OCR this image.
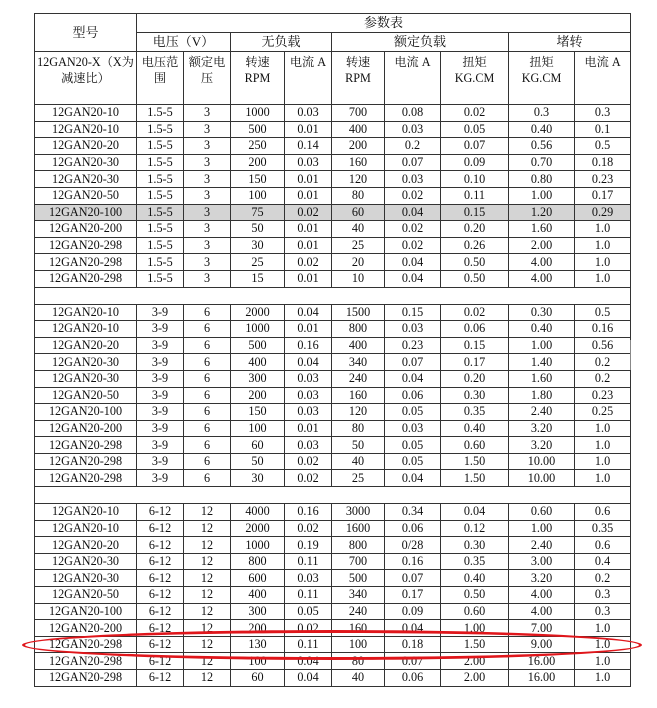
型号	参数表								
	电压（V）		无负载		额定负载			堵转	
12GAN20-X（X为减速比）	电压范围	额定电压	转速 RPM	电流 A	转速 RPM	电流 A	扭矩 KG.CM	扭矩 KG.CM	电流 A
12GAN20-10	1.5-5	3	1000	0.03	700	0.08	0.02	0.3	0.3
12GAN20-10	1.5-5	3	500	0.01	400	0.03	0.05	0.40	0.1
12GAN20-20	1.5-5	3	250	0.14	200	0.2	0.07	0.56	0.5
12GAN20-30	1.5-5	3	200	0.03	160	0.07	0.09	0.70	0.18
12GAN20-30	1.5-5	3	150	0.01	120	0.03	0.10	0.80	0.23
12GAN20-50	1.5-5	3	100	0.01	80	0.02	0.11	1.00	0.17
12GAN20-100	1.5-5	3	75	0.02	60	0.04	0.15	1.20	0.29
12GAN20-200	1.5-5	3	50	0.01	40	0.02	0.20	1.60	1.0
12GAN20-298	1.5-5	3	30	0.01	25	0.02	0.26	2.00	1.0
12GAN20-298	1.5-5	3	25	0.02	20	0.04	0.50	4.00	1.0
12GAN20-298	1.5-5	3	15	0.01	10	0.04	0.50	4.00	1.0

12GAN20-10	3-9	6	2000	0.04	1500	0.15	0.02	0.30	0.5
12GAN20-10	3-9	6	1000	0.01	800	0.03	0.06	0.40	0.16
12GAN20-20	3-9	6	500	0.16	400	0.23	0.15	1.00	0.56
12GAN20-30	3-9	6	400	0.04	340	0.07	0.17	1.40	0.2
12GAN20-30	3-9	6	300	0.03	240	0.04	0.20	1.60	0.2
12GAN20-50	3-9	6	200	0.03	160	0.06	0.30	1.80	0.23
12GAN20-100	3-9	6	150	0.03	120	0.05	0.35	2.40	0.25
12GAN20-200	3-9	6	100	0.01	80	0.03	0.40	3.20	1.0
12GAN20-298	3-9	6	60	0.03	50	0.05	0.60	3.20	1.0
12GAN20-298	3-9	6	50	0.02	40	0.05	1.50	10.00	1.0
12GAN20-298	3-9	6	30	0.02	25	0.04	1.50	10.00	1.0

12GAN20-10	6-12	12	4000	0.16	3000	0.34	0.04	0.60	0.6
12GAN20-10	6-12	12	2000	0.02	1600	0.06	0.12	1.00	0.35
12GAN20-20	6-12	12	1000	0.19	800	0/28	0.30	2.40	0.6
12GAN20-30	6-12	12	800	0.11	700	0.16	0.35	3.00	0.4
12GAN20-30	6-12	12	600	0.03	500	0.07	0.40	3.20	0.2
12GAN20-50	6-12	12	400	0.11	340	0.17	0.50	4.00	0.3
12GAN20-100	6-12	12	300	0.05	240	0.09	0.60	4.00	0.3
12GAN20-200	6-12	12	200	0.02	160	0.04	1.00	7.00	1.0
12GAN20-298	6-12	12	130	0.11	100	0.18	1.50	9.00	1.0
12GAN20-298	6-12	12	100	0.04	80	0.07	2.00	16.00	1.0
12GAN20-298	6-12	12	60	0.04	40	0.06	2.00	16.00	1.0
